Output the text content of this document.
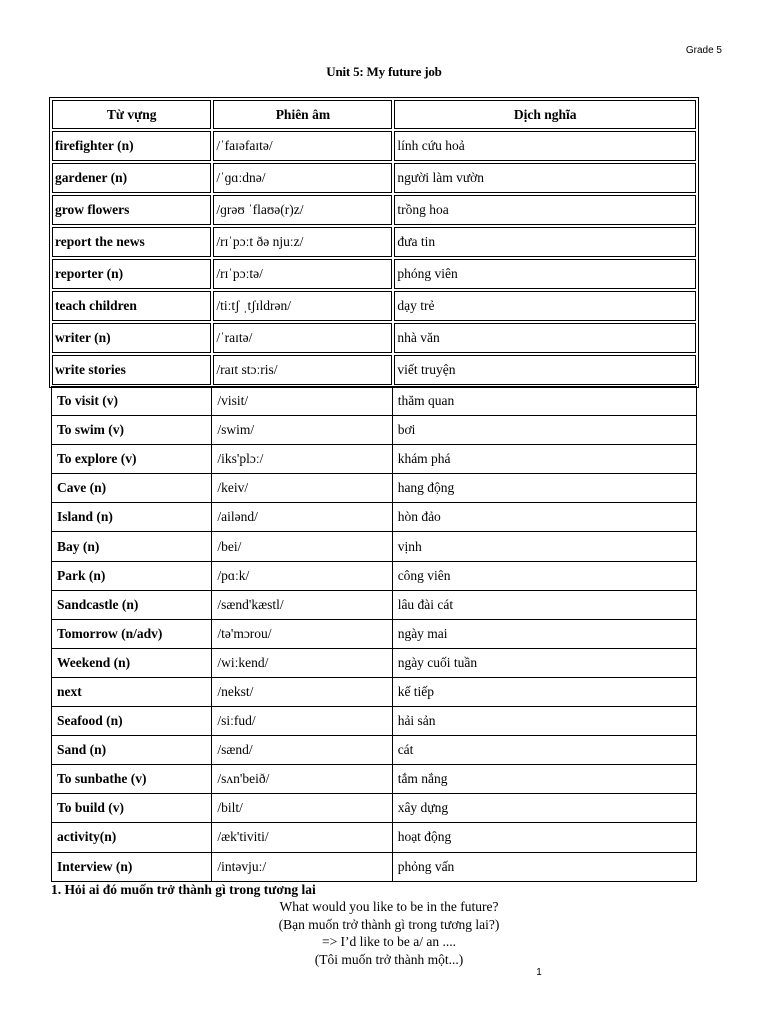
Grade 5
Unit 5: My future job
Từ vựng	Phiên âm	Dịch nghĩa
firefighter (n)	/ˈfaɪəfaɪtə/	lính cứu hoả
gardener (n)	/ˈɡɑːdnə/	người làm vườn
grow flowers	/ɡrəʊ ˈflaʊə(r)z/	trồng hoa
report the news	/rɪˈpɔːt ðə njuːz/	đưa tin
reporter (n)	/rɪˈpɔːtə/	phóng viên
teach children	/tiːtʃ ˌtʃɪldrən/	dạy trẻ
writer (n)	/ˈraɪtə/	nhà văn
write stories	/raɪt stɔːris/	viết truyện
To visit (v)	/visit/	thăm quan
To swim (v)	/swim/	bơi
To explore (v)	/iks'plɔː/	khám phá
Cave (n)	/keiv/	hang động
Island (n)	/ailənd/	hòn đảo
Bay (n)	/bei/	vịnh
Park (n)	/pɑːk/	công viên
Sandcastle (n)	/sænd'kæstl/	lâu đài cát
Tomorrow (n/adv)	/tə'mɔrou/	ngày mai
Weekend (n)	/wiːkend/	ngày cuối tuần
next	/nekst/	kế tiếp
Seafood (n)	/siːfud/	hải sản
Sand (n)	/sænd/	cát
To sunbathe (v)	/sʌn'beið/	tắm nắng
To build (v)	/bilt/	xây dựng
activity(n)	/æk'tiviti/	hoạt động
Interview (n)	/intəvjuː/	phỏng vấn
1. Hỏi ai đó muốn trở thành gì trong tương lai
What would you like to be in the future?
(Bạn muốn trở thành gì trong tương lai?)
=> I’d like to be a/ an ....
(Tôi muốn trở thành một...)
1
